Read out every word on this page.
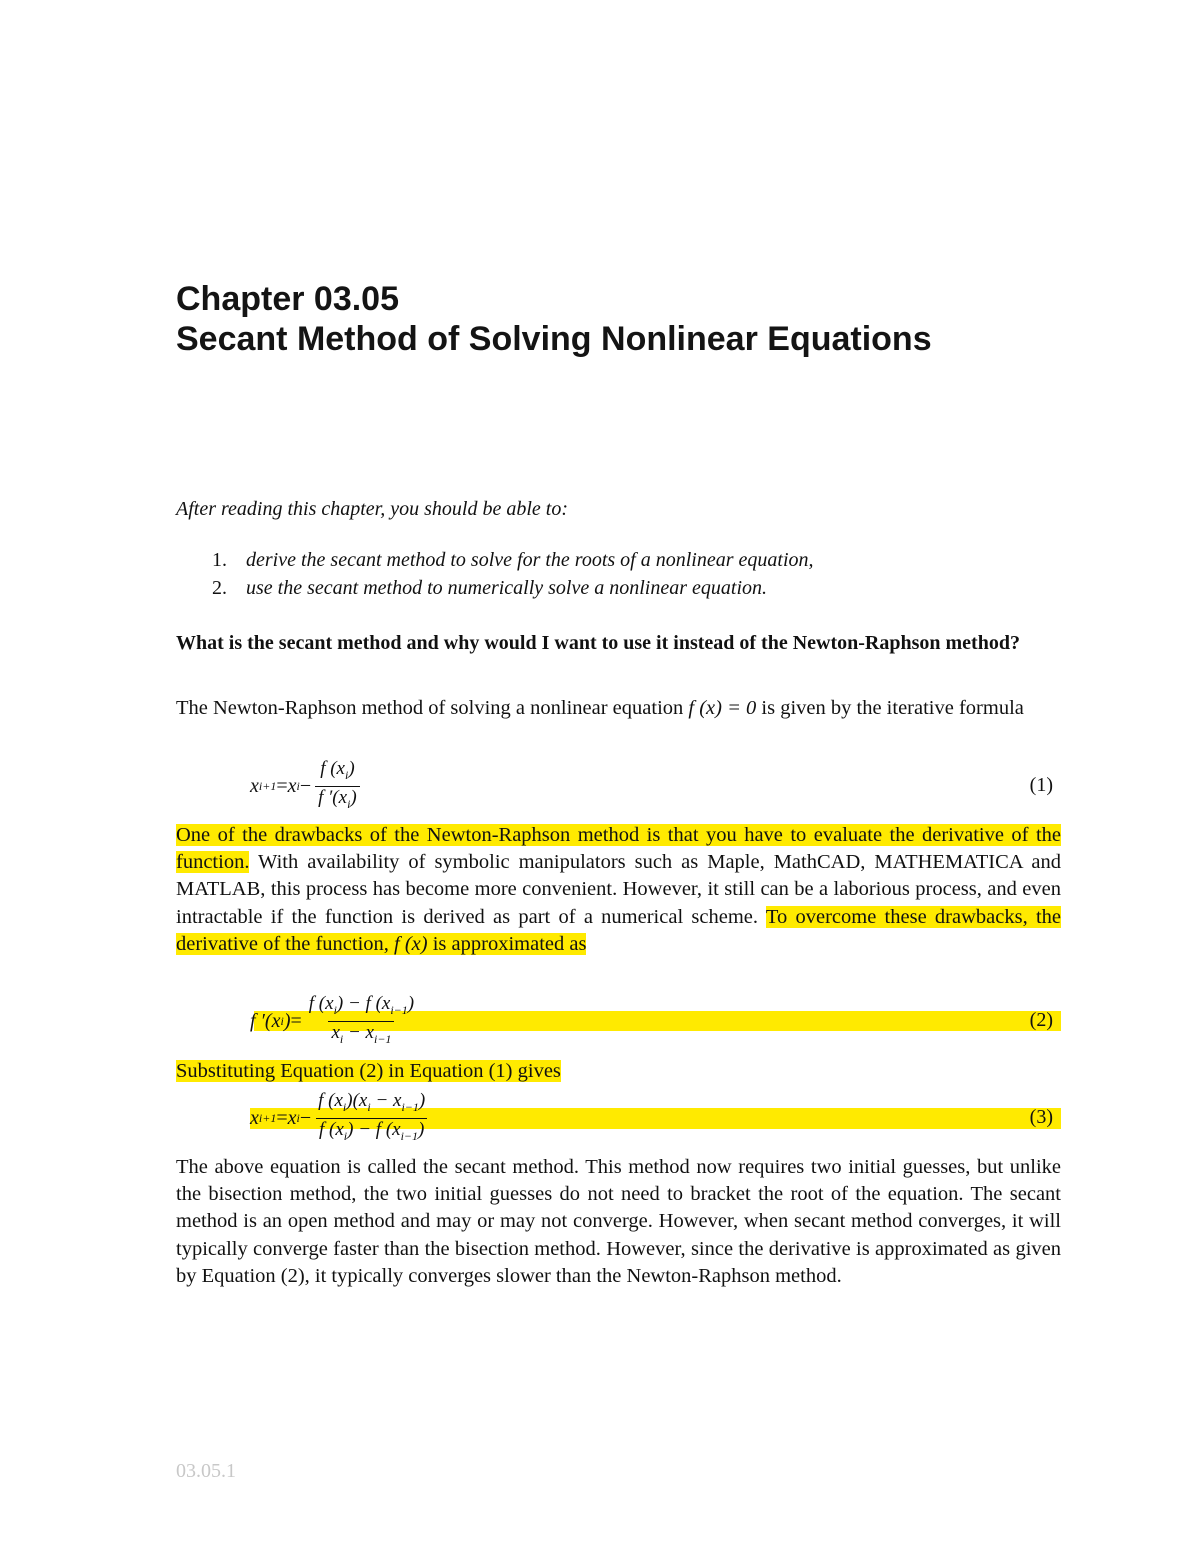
Chapter 03.05
Secant Method of Solving Nonlinear Equations

After reading this chapter, you should be able to:

1. derive the secant method to solve for the roots of a nonlinear equation,
2. use the secant method to numerically solve a nonlinear equation.
What is the secant method and why would I want to use it instead of the Newton-Raphson method?

The Newton-Raphson method of solving a nonlinear equation f (x) = 0 is given by the iterative formula

x i+1 = x $i - \frac{f (x_i)}{f '(x_i)}$	(1)

One of the drawbacks of the Newton-Raphson method is that you have to evaluate the derivative of the function. With availability of symbolic manipulators such as Maple, MathCAD, MATHEMATICA and MATLAB, this process has become more convenient. However, it still can be a laborious process, and even intractable if the function is derived as part of a numerical scheme. To overcome these drawbacks, the derivative of the function, f (x) is approximated as

f ′(x i ) = $\frac{f (x_i) - f (x_{i-1})}{x_i - x_{i-1}}$	(2)

Substituting Equation (2) in Equation (1) gives

x i+1 = x $i - \frac{f (x_i)(x_i - x_{i-1})}{f (x_i) - f (x_{i-1})}$	(3)

The above equation is called the secant method. This method now requires two initial guesses, but unlike the bisection method, the two initial guesses do not need to bracket the root of the equation. The secant method is an open method and may or may not converge. However, when secant method converges, it will typically converge faster than the bisection method. However, since the derivative is approximated as given by Equation (2), it typically converges slower than the Newton-Raphson method.

03.05.1
